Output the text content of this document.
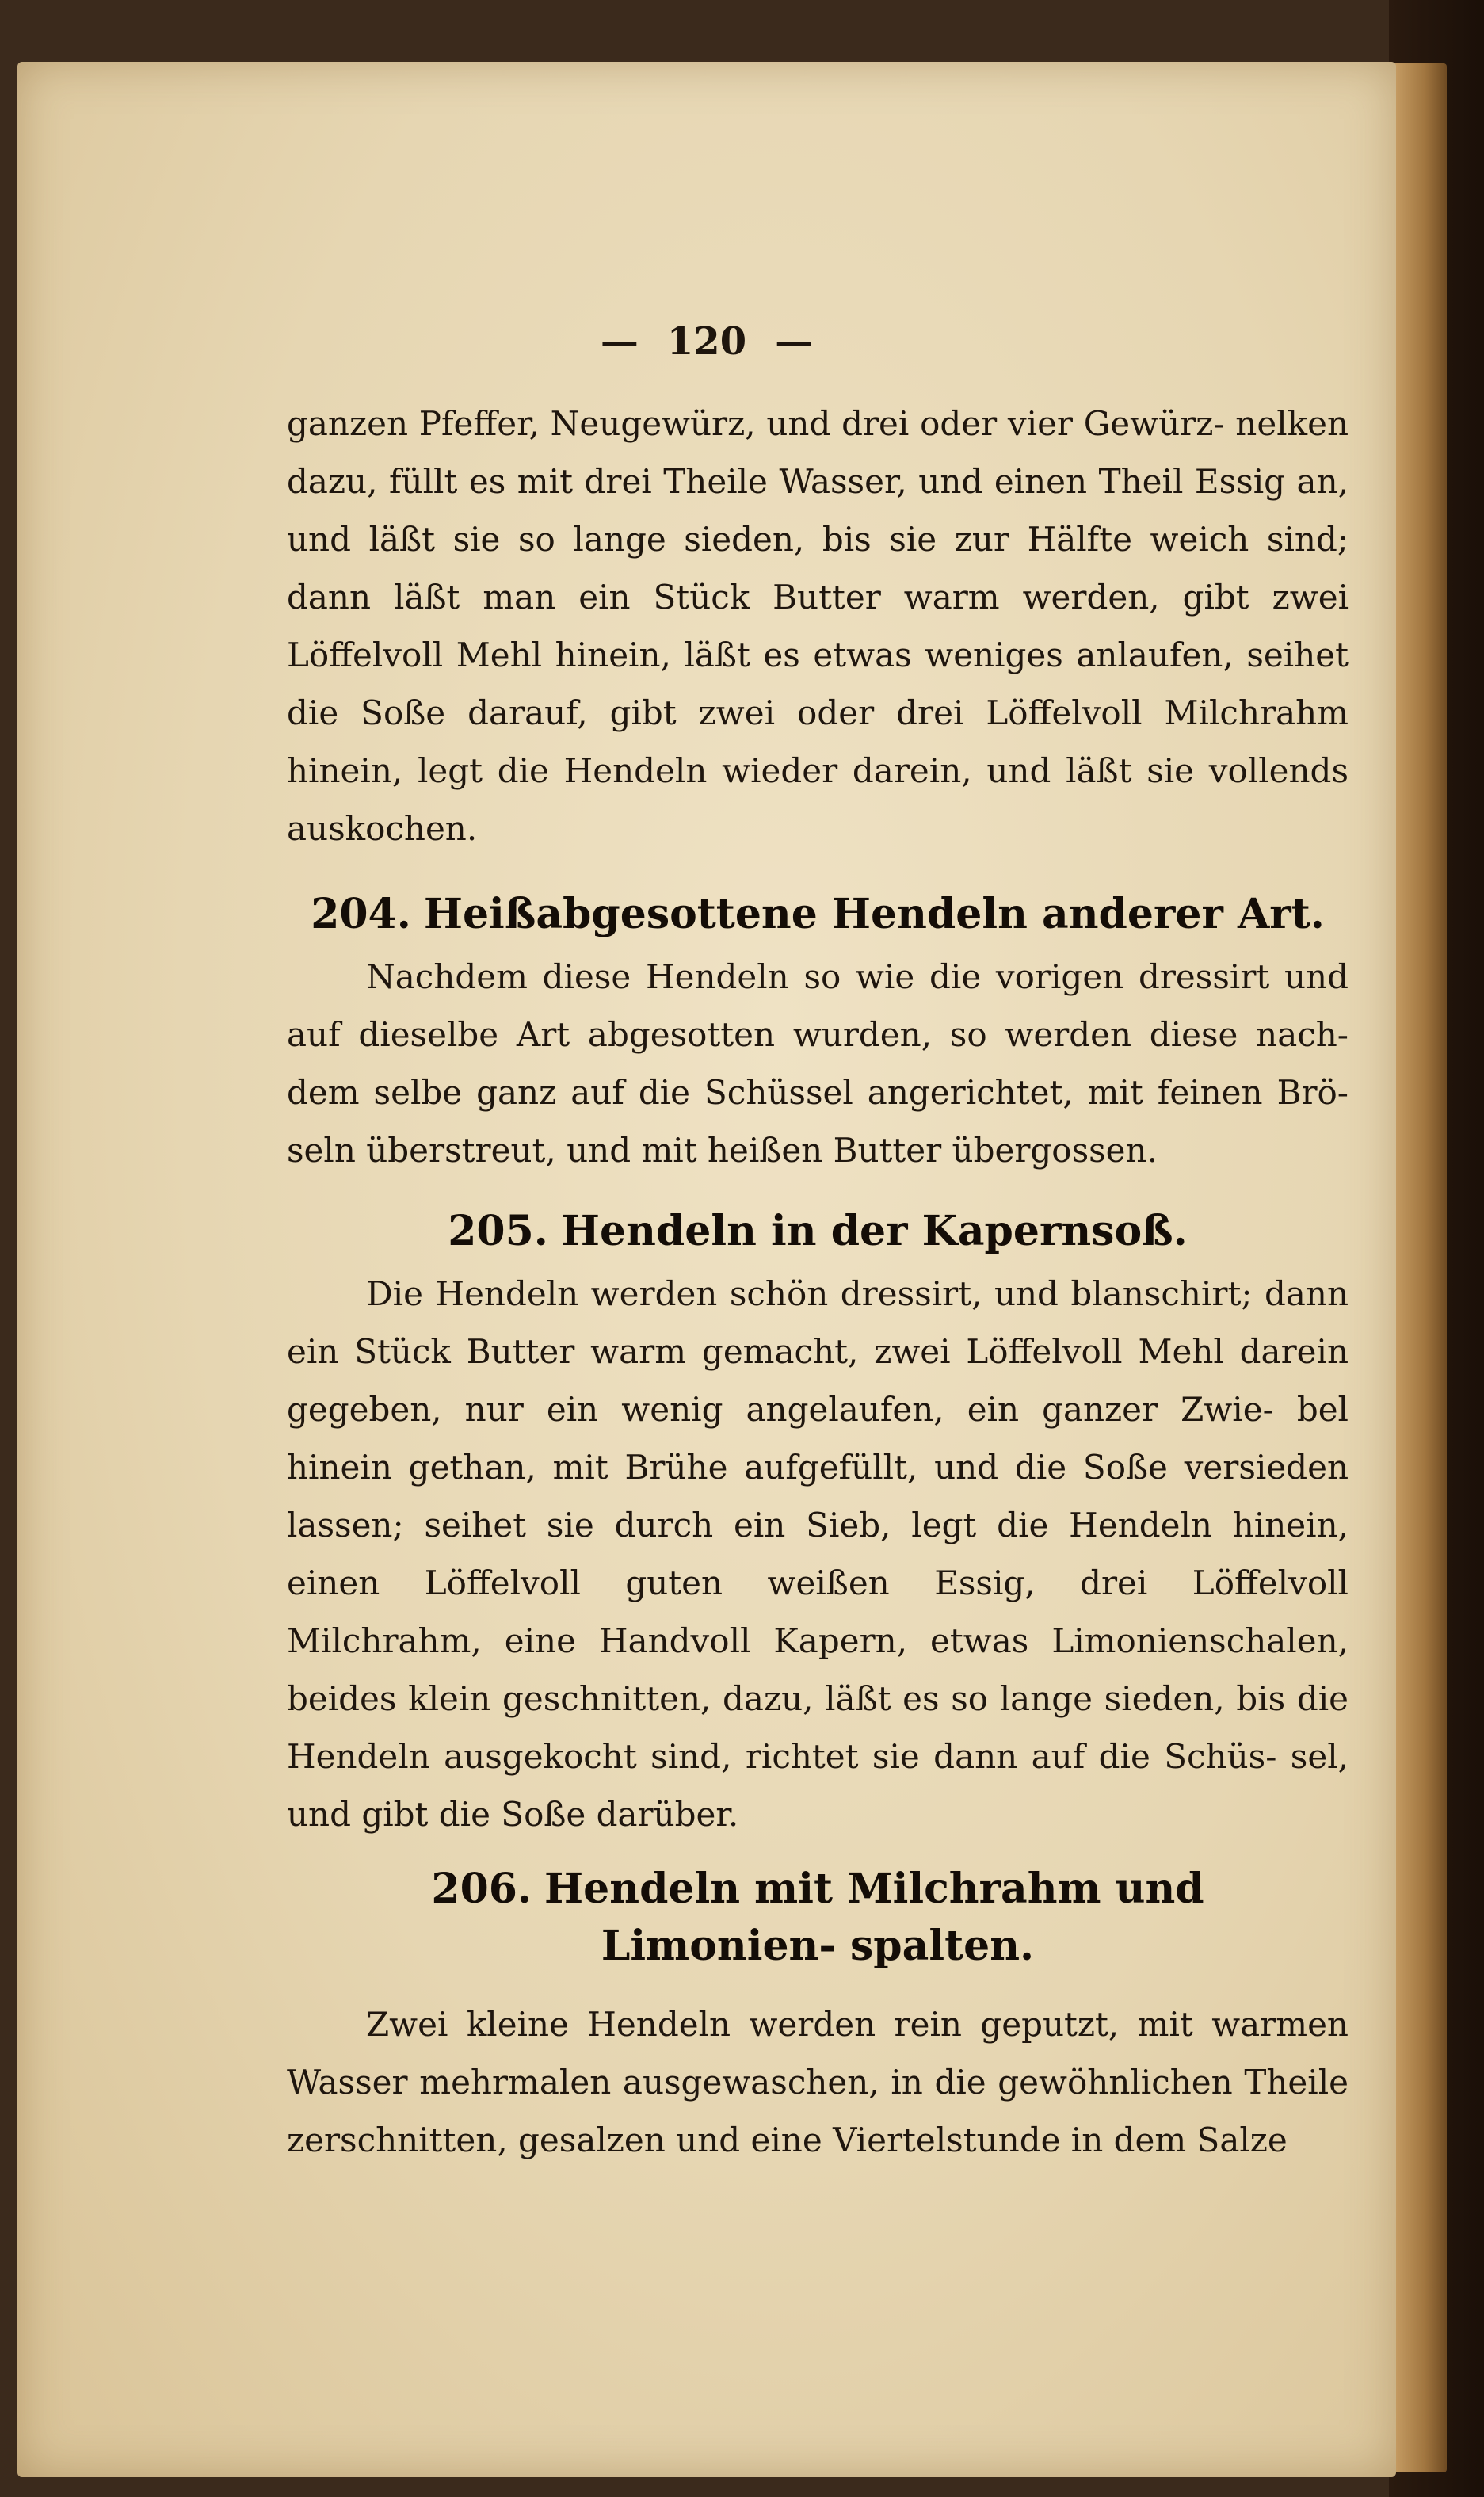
— 120 —

ganzen Pfeffer, Neugewürz, und drei oder vier Gewürz- nelken dazu, füllt es mit drei Theile Wasser, und einen Theil Essig an, und läßt sie so lange sieden, bis sie zur Hälfte weich sind; dann läßt man ein Stück Butter warm werden, gibt zwei Löffelvoll Mehl hinein, läßt es etwas weniges anlaufen, seihet die Soße darauf, gibt zwei oder drei Löffelvoll Milchrahm hinein, legt die Hendeln wieder darein, und läßt sie vollends auskochen.

204. Heißabgesottene Hendeln anderer Art.

Nachdem diese Hendeln so wie die vorigen dressirt und auf dieselbe Art abgesotten wurden, so werden diese nach- dem selbe ganz auf die Schüssel angerichtet, mit feinen Brö- seln überstreut, und mit heißen Butter übergossen.

205. Hendeln in der Kapernsoß.

Die Hendeln werden schön dressirt, und blanschirt; dann ein Stück Butter warm gemacht, zwei Löffelvoll Mehl darein gegeben, nur ein wenig angelaufen, ein ganzer Zwie- bel hinein gethan, mit Brühe aufgefüllt, und die Soße versieden lassen; seihet sie durch ein Sieb, legt die Hendeln hinein, einen Löffelvoll guten weißen Essig, drei Löffelvoll Milchrahm, eine Handvoll Kapern, etwas Limonienschalen, beides klein geschnitten, dazu, läßt es so lange sieden, bis die Hendeln ausgekocht sind, richtet sie dann auf die Schüs- sel, und gibt die Soße darüber.

206. Hendeln mit Milchrahm und Limonien- spalten.

Zwei kleine Hendeln werden rein geputzt, mit warmen Wasser mehrmalen ausgewaschen, in die gewöhnlichen Theile zerschnitten, gesalzen und eine Viertelstunde in dem Salze
